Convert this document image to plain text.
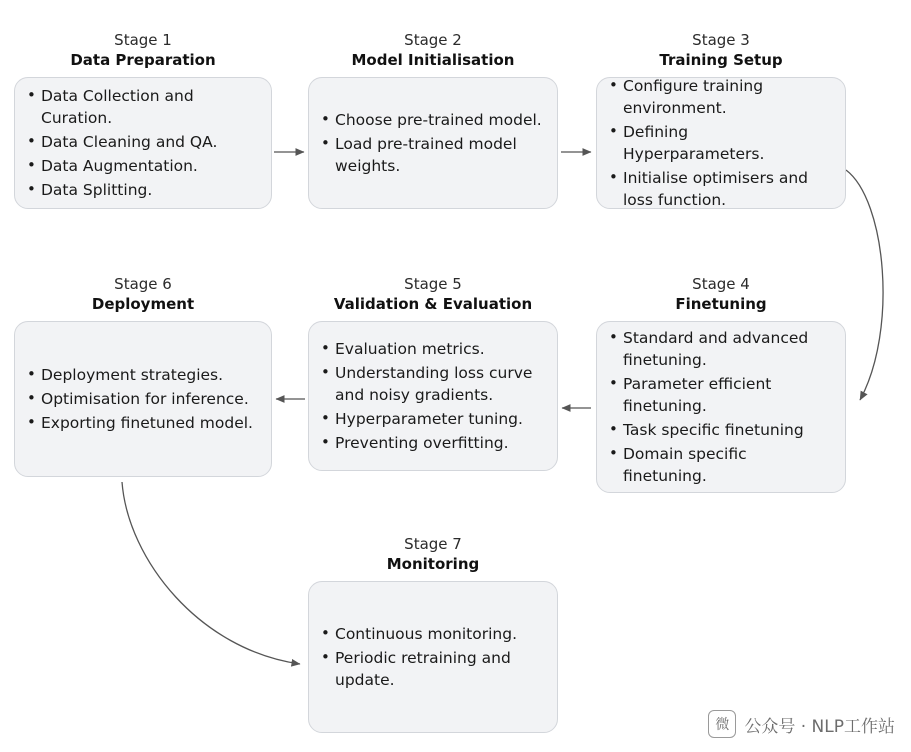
Stage 1
Data Preparation
• Data Collection and Curation.
• Data Cleaning and QA.
• Data Augmentation.
• Data Splitting.
Stage 2
Model Initialisation
• Choose pre-trained model.
• Load pre-trained model weights.
Stage 3
Training Setup
• Configure training environment.
• Defining Hyperparameters.
• Initialise optimisers and loss function.
Stage 4
Finetuning
• Standard and advanced finetuning.
• Parameter efficient finetuning.
• Task specific finetuning
• Domain specific finetuning.
Stage 5
Validation & Evaluation
• Evaluation metrics.
• Understanding loss curve and noisy gradients.
• Hyperparameter tuning.
• Preventing overfitting.
Stage 6
Deployment
• Deployment strategies.
• Optimisation for inference.
• Exporting finetuned model.
Stage 7
Monitoring
• Continuous monitoring.
• Periodic retraining and update.
微 公众号 · NLP工作站
